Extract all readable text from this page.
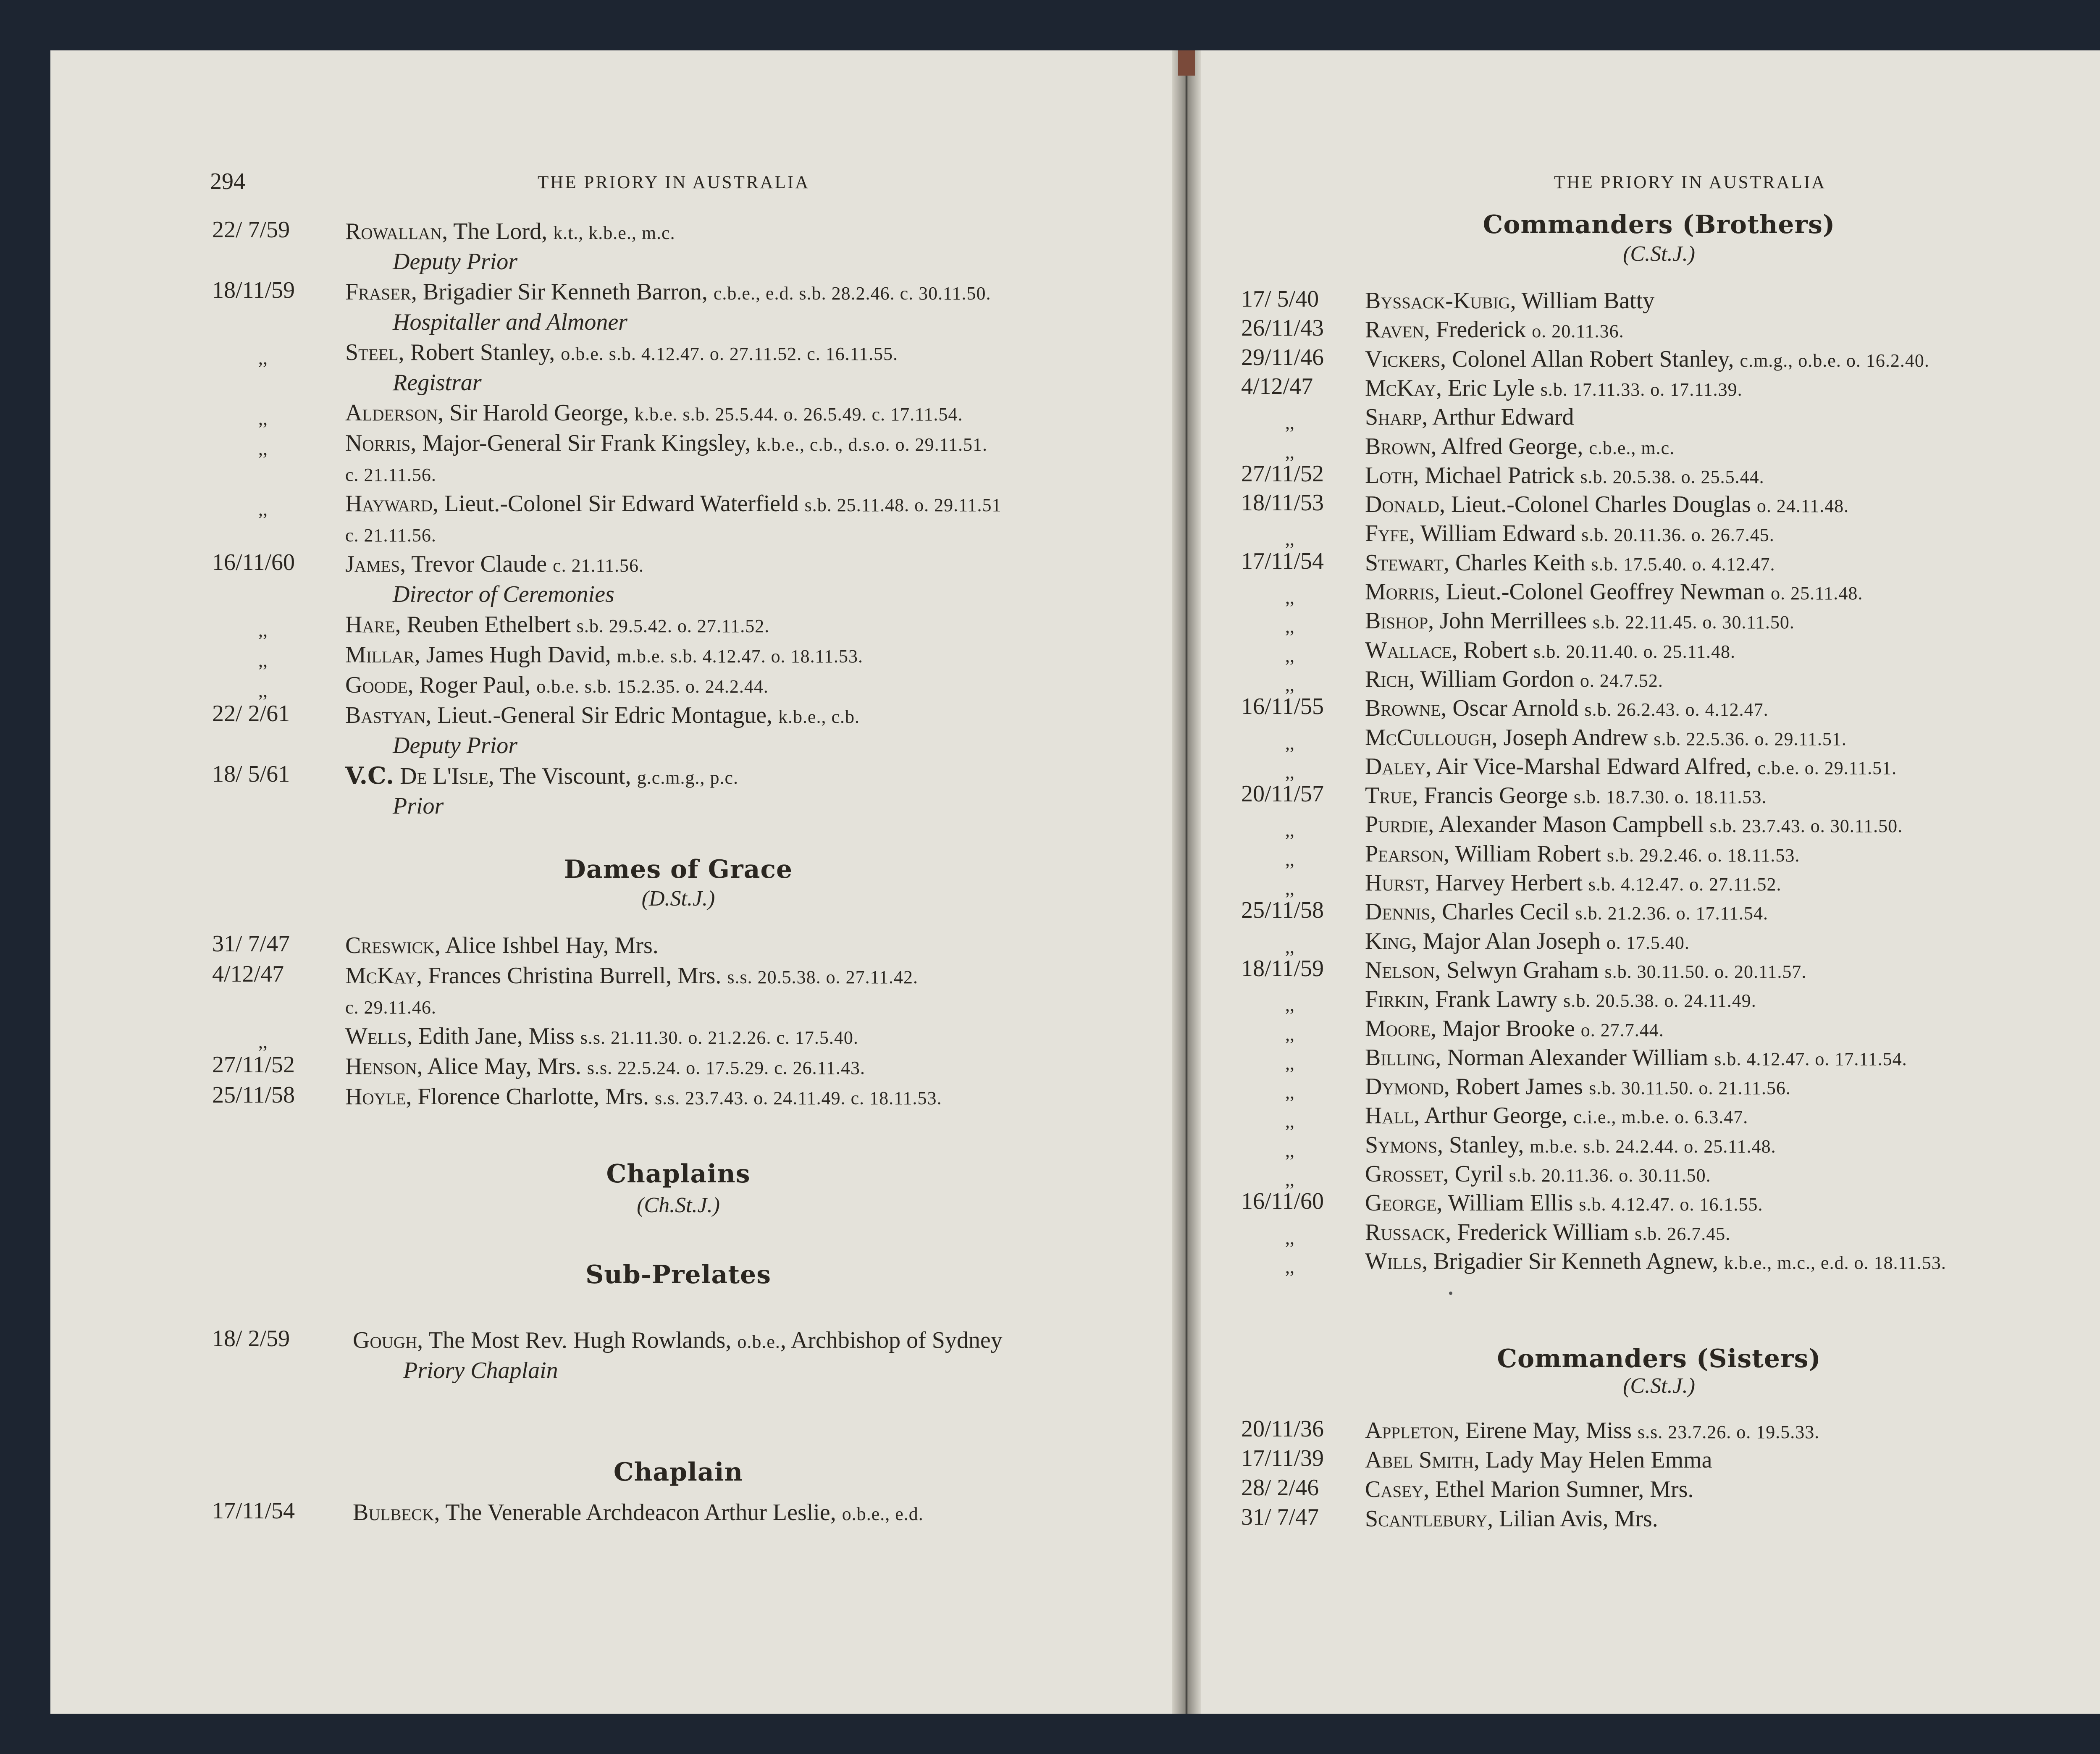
294	THE PRIORY IN AUSTRALIA	THE PRIORY IN AUSTRALIA
22/ 7/59 Rowallan, The Lord, k.t., k.b.e., m.c.
Deputy Prior
18/11/59 Fraser, Brigadier Sir Kenneth Barron, c.b.e., e.d. s.b. 28.2.46. c. 30.11.50.
Hospitaller and Almoner
,,	Steel, Robert Stanley, o.b.e. s.b. 4.12.47. o. 27.11.52. c. 16.11.55.
Registrar
,,	Alderson, Sir Harold George, k.b.e. s.b. 25.5.44. o. 26.5.49. c. 17.11.54.
,,	Norris, Major-General Sir Frank Kingsley, k.b.e., c.b., d.s.o. o. 29.11.51.
c. 21.11.56.
,,	Hayward, Lieut.-Colonel Sir Edward Waterfield s.b. 25.11.48. o. 29.11.51
c. 21.11.56.
16/11/60 James, Trevor Claude c. 21.11.56.
Director of Ceremonies
,,	Hare, Reuben Ethelbert s.b. 29.5.42. o. 27.11.52.
,,	Millar, James Hugh David, m.b.e. s.b. 4.12.47. o. 18.11.53.
,,	Goode, Roger Paul, o.b.e. s.b. 15.2.35. o. 24.2.44.
22/ 2/61 Bastyan, Lieut.-General Sir Edric Montague, k.b.e., c.b.
Deputy Prior
18/ 5/61 V.C. De L'Isle, The Viscount, g.c.m.g., p.c.
Prior
Dames of Grace
(D.St.J.)
31/ 7/47 Creswick, Alice Ishbel Hay, Mrs.
4/12/47	McKay, Frances Christina Burrell, Mrs. s.s. 20.5.38. o. 27.11.42.
c. 29.11.46.
,,	Wells, Edith Jane, Miss s.s. 21.11.30. o. 21.2.26. c. 17.5.40.
27/11/52 Henson, Alice May, Mrs. s.s. 22.5.24. o. 17.5.29. c. 26.11.43.
25/11/58 Hoyle, Florence Charlotte, Mrs. s.s. 23.7.43. o. 24.11.49. c. 18.11.53.
Chaplains
(Ch.St.J.)
Sub-Prelates
18/ 2/59	Gough, The Most Rev. Hugh Rowlands, o.b.e., Archbishop of Sydney
Priory Chaplain
Chaplain
17/11/54 Bulbeck, The Venerable Archdeacon Arthur Leslie, o.b.e., e.d.
Commanders (Brothers)
(C.St.J.)
17/ 5/40 Byssack-Kubig, William Batty
26/11/43 Raven, Frederick o. 20.11.36.
29/11/46 Vickers, Colonel Allan Robert Stanley, c.m.g., o.b.e. o. 16.2.40.
4/12/47 McKay, Eric Lyle s.b. 17.11.33. o. 17.11.39.
,,	Sharp, Arthur Edward
,,	Brown, Alfred George, c.b.e., m.c.
27/11/52 Loth, Michael Patrick s.b. 20.5.38. o. 25.5.44.
18/11/53 Donald, Lieut.-Colonel Charles Douglas o. 24.11.48.
,,	Fyfe, William Edward s.b. 20.11.36. o. 26.7.45.
17/11/54 Stewart, Charles Keith s.b. 17.5.40. o. 4.12.47.
,,	Morris, Lieut.-Colonel Geoffrey Newman o. 25.11.48.
,,	Bishop, John Merrillees s.b. 22.11.45. o. 30.11.50.
,,	Wallace, Robert s.b. 20.11.40. o. 25.11.48.
,,	Rich, William Gordon o. 24.7.52.
16/11/55 Browne, Oscar Arnold s.b. 26.2.43. o. 4.12.47.
,,	McCullough, Joseph Andrew s.b. 22.5.36. o. 29.11.51.
,,	Daley, Air Vice-Marshal Edward Alfred, c.b.e. o. 29.11.51.
20/11/57 True, Francis George s.b. 18.7.30. o. 18.11.53.
,,	Purdie, Alexander Mason Campbell s.b. 23.7.43. o. 30.11.50.
,,	Pearson, William Robert s.b. 29.2.46. o. 18.11.53.
,,	Hurst, Harvey Herbert s.b. 4.12.47. o. 27.11.52.
25/11/58 Dennis, Charles Cecil s.b. 21.2.36. o. 17.11.54.
,,	King, Major Alan Joseph o. 17.5.40.
18/11/59 Nelson, Selwyn Graham s.b. 30.11.50. o. 20.11.57.
,,	Firkin, Frank Lawry s.b. 20.5.38. o. 24.11.49.
,,	Moore, Major Brooke o. 27.7.44.
,,	Billing, Norman Alexander William s.b. 4.12.47. o. 17.11.54.
,,	Dymond, Robert James s.b. 30.11.50. o. 21.11.56.
,,	Hall, Arthur George, c.i.e., m.b.e. o. 6.3.47.
,,	Symons, Stanley, m.b.e. s.b. 24.2.44. o. 25.11.48.
,,	Grosset, Cyril s.b. 20.11.36. o. 30.11.50.
16/11/60 George, William Ellis s.b. 4.12.47. o. 16.1.55.
,,	Russack, Frederick William s.b. 26.7.45.
,,	Wills, Brigadier Sir Kenneth Agnew, k.b.e., m.c., e.d. o. 18.11.53.
Commanders (Sisters)
(C.St.J.)
20/11/36 Appleton, Eirene May, Miss s.s. 23.7.26. o. 19.5.33.
17/11/39 Abel Smith, Lady May Helen Emma
28/ 2/46 Casey, Ethel Marion Sumner, Mrs.
31/ 7/47 Scantlebury, Lilian Avis, Mrs.
